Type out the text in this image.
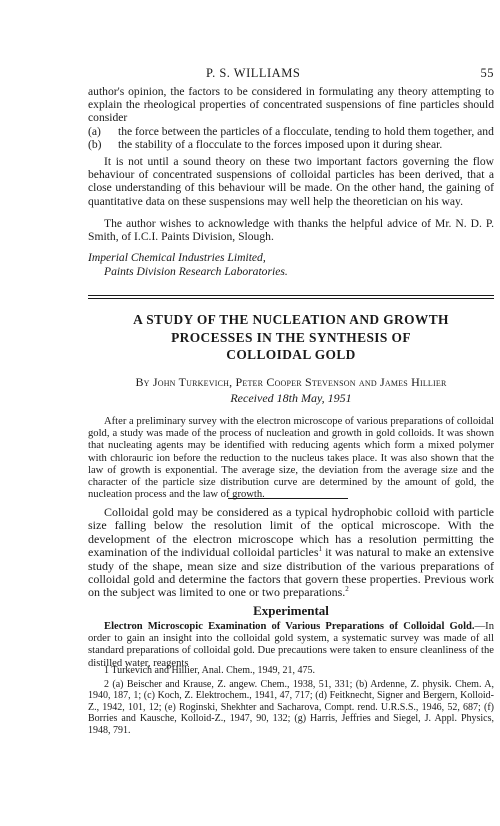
P. S. WILLIAMS	55

author's opinion, the factors to be considered in formulating any theory attempting to explain the rheological properties of concentrated suspensions of fine particles should consider

(a) the force between the particles of a flocculate, tending to hold them together, and
(b) the stability of a flocculate to the forces imposed upon it during shear.

It is not until a sound theory on these two important factors governing the flow behaviour of concentrated suspensions of colloidal particles has been derived, that a close understanding of this behaviour will be made. On the other hand, the gaining of quantitative data on these suspensions may well help the theoretician on his way.

The author wishes to acknowledge with thanks the helpful advice of Mr. N. D. P. Smith, of I.C.I. Paints Division, Slough.

Imperial Chemical Industries Limited,
Paints Division Research Laboratories.
A STUDY OF THE NUCLEATION AND GROWTH
PROCESSES IN THE SYNTHESIS OF
COLLOIDAL GOLD
By John Turkevich, Peter Cooper Stevenson and James Hillier
Received 18th May, 1951

After a preliminary survey with the electron microscope of various preparations of colloidal gold, a study was made of the process of nucleation and growth in gold colloids. It was shown that nucleating agents may be identified with reducing agents which form a mixed polymer with chlorauric ion before the reduction to the nucleus takes place. It was also shown that the law of growth is exponential. The average size, the deviation from the average size and the character of the particle size distribution curve are determined by the amount of gold, the nucleation process and the law of growth.

Colloidal gold may be considered as a typical hydrophobic colloid with particle size falling below the resolution limit of the optical microscope. With the development of the electron microscope which has a resolution permitting the examination of the individual colloidal particles$^1$ it was natural to make an extensive study of the shape, mean size and size distribution of the various preparations of colloidal gold and determine the factors that govern these properties. Previous work on the subject was limited to one or two preparations.$^2$

Experimental

Electron Microscopic Examination of Various Preparations of Colloidal Gold.—In order to gain an insight into the colloidal gold system, a systematic survey was made of all standard preparations of colloidal gold. Due precautions were taken to ensure cleanliness of the distilled water, reagents

1 Turkevich and Hillier, Anal. Chem., 1949, 21, 475.

2 (a) Beischer and Krause, Z. angew. Chem., 1938, 51, 331; (b) Ardenne, Z. physik. Chem. A, 1940, 187, 1; (c) Koch, Z. Elektrochem., 1941, 47, 717; (d) Feitknecht, Signer and Bergern, Kolloid-Z., 1942, 101, 12; (e) Roginski, Shekhter and Sacharova, Compt. rend. U.R.S.S., 1946, 52, 687; (f) Borries and Kausche, Kolloid-Z., 1947, 90, 132; (g) Harris, Jeffries and Siegel, J. Appl. Physics, 1948, 791.
